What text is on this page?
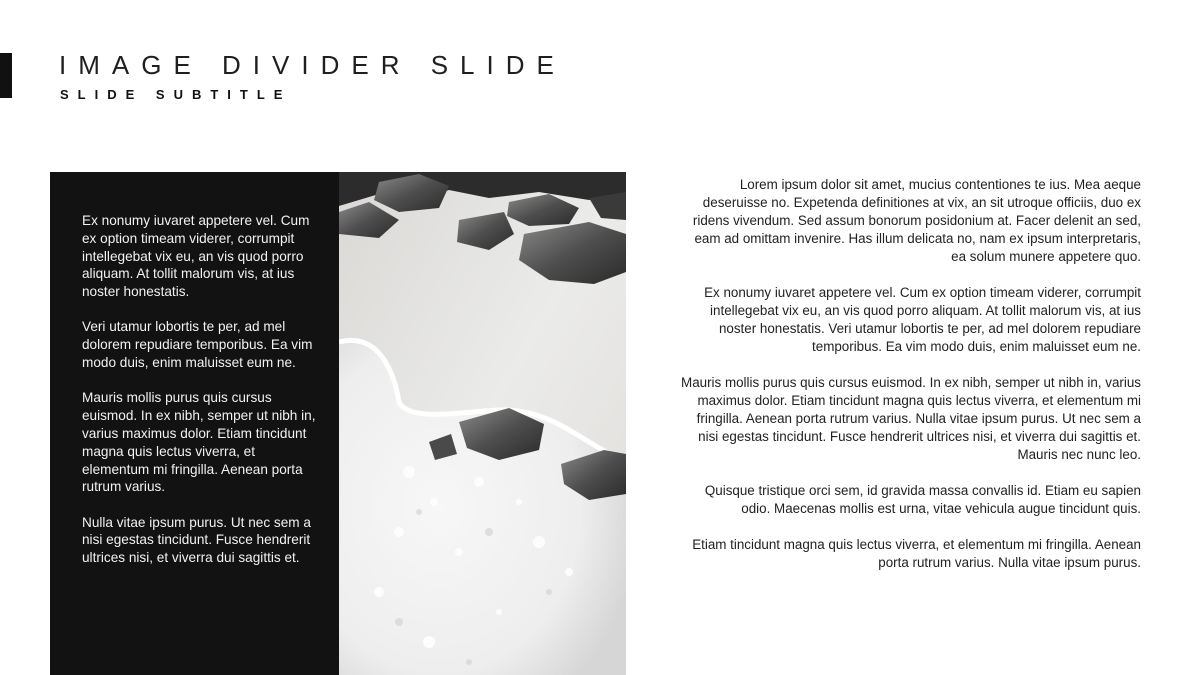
IMAGE DIVIDER SLIDE
SLIDE SUBTITLE

Ex nonumy iuvaret appetere vel. Cum ex option timeam viderer, corrumpit intellegebat vix eu, an vis quod porro aliquam. At tollit malorum vis, at ius noster honestatis.

Veri utamur lobortis te per, ad mel dolorem repudiare temporibus. Ea vim modo duis, enim maluisset eum ne.

Mauris mollis purus quis cursus euismod. In ex nibh, semper ut nibh in, varius maximus dolor. Etiam tincidunt magna quis lectus viverra, et elementum mi fringilla. Aenean porta rutrum varius.

Nulla vitae ipsum purus. Ut nec sem a nisi egestas tincidunt. Fusce hendrerit ultrices nisi, et viverra dui sagittis et.

Lorem ipsum dolor sit amet, mucius contentiones te ius. Mea aeque deseruisse no. Expetenda definitiones at vix, an sit utroque officiis, duo ex ridens vivendum. Sed assum bonorum posidonium at. Facer delenit an sed, eam ad omittam invenire. Has illum delicata no, nam ex ipsum interpretaris, ea solum munere appetere quo.

Ex nonumy iuvaret appetere vel. Cum ex option timeam viderer, corrumpit intellegebat vix eu, an vis quod porro aliquam. At tollit malorum vis, at ius noster honestatis. Veri utamur lobortis te per, ad mel dolorem repudiare temporibus. Ea vim modo duis, enim maluisset eum ne.

Mauris mollis purus quis cursus euismod. In ex nibh, semper ut nibh in, varius maximus dolor. Etiam tincidunt magna quis lectus viverra, et elementum mi fringilla. Aenean porta rutrum varius. Nulla vitae ipsum purus. Ut nec sem a nisi egestas tincidunt. Fusce hendrerit ultrices nisi, et viverra dui sagittis et. Mauris nec nunc leo.

Quisque tristique orci sem, id gravida massa convallis id. Etiam eu sapien odio. Maecenas mollis est urna, vitae vehicula augue tincidunt quis.

Etiam tincidunt magna quis lectus viverra, et elementum mi fringilla. Aenean porta rutrum varius. Nulla vitae ipsum purus.
